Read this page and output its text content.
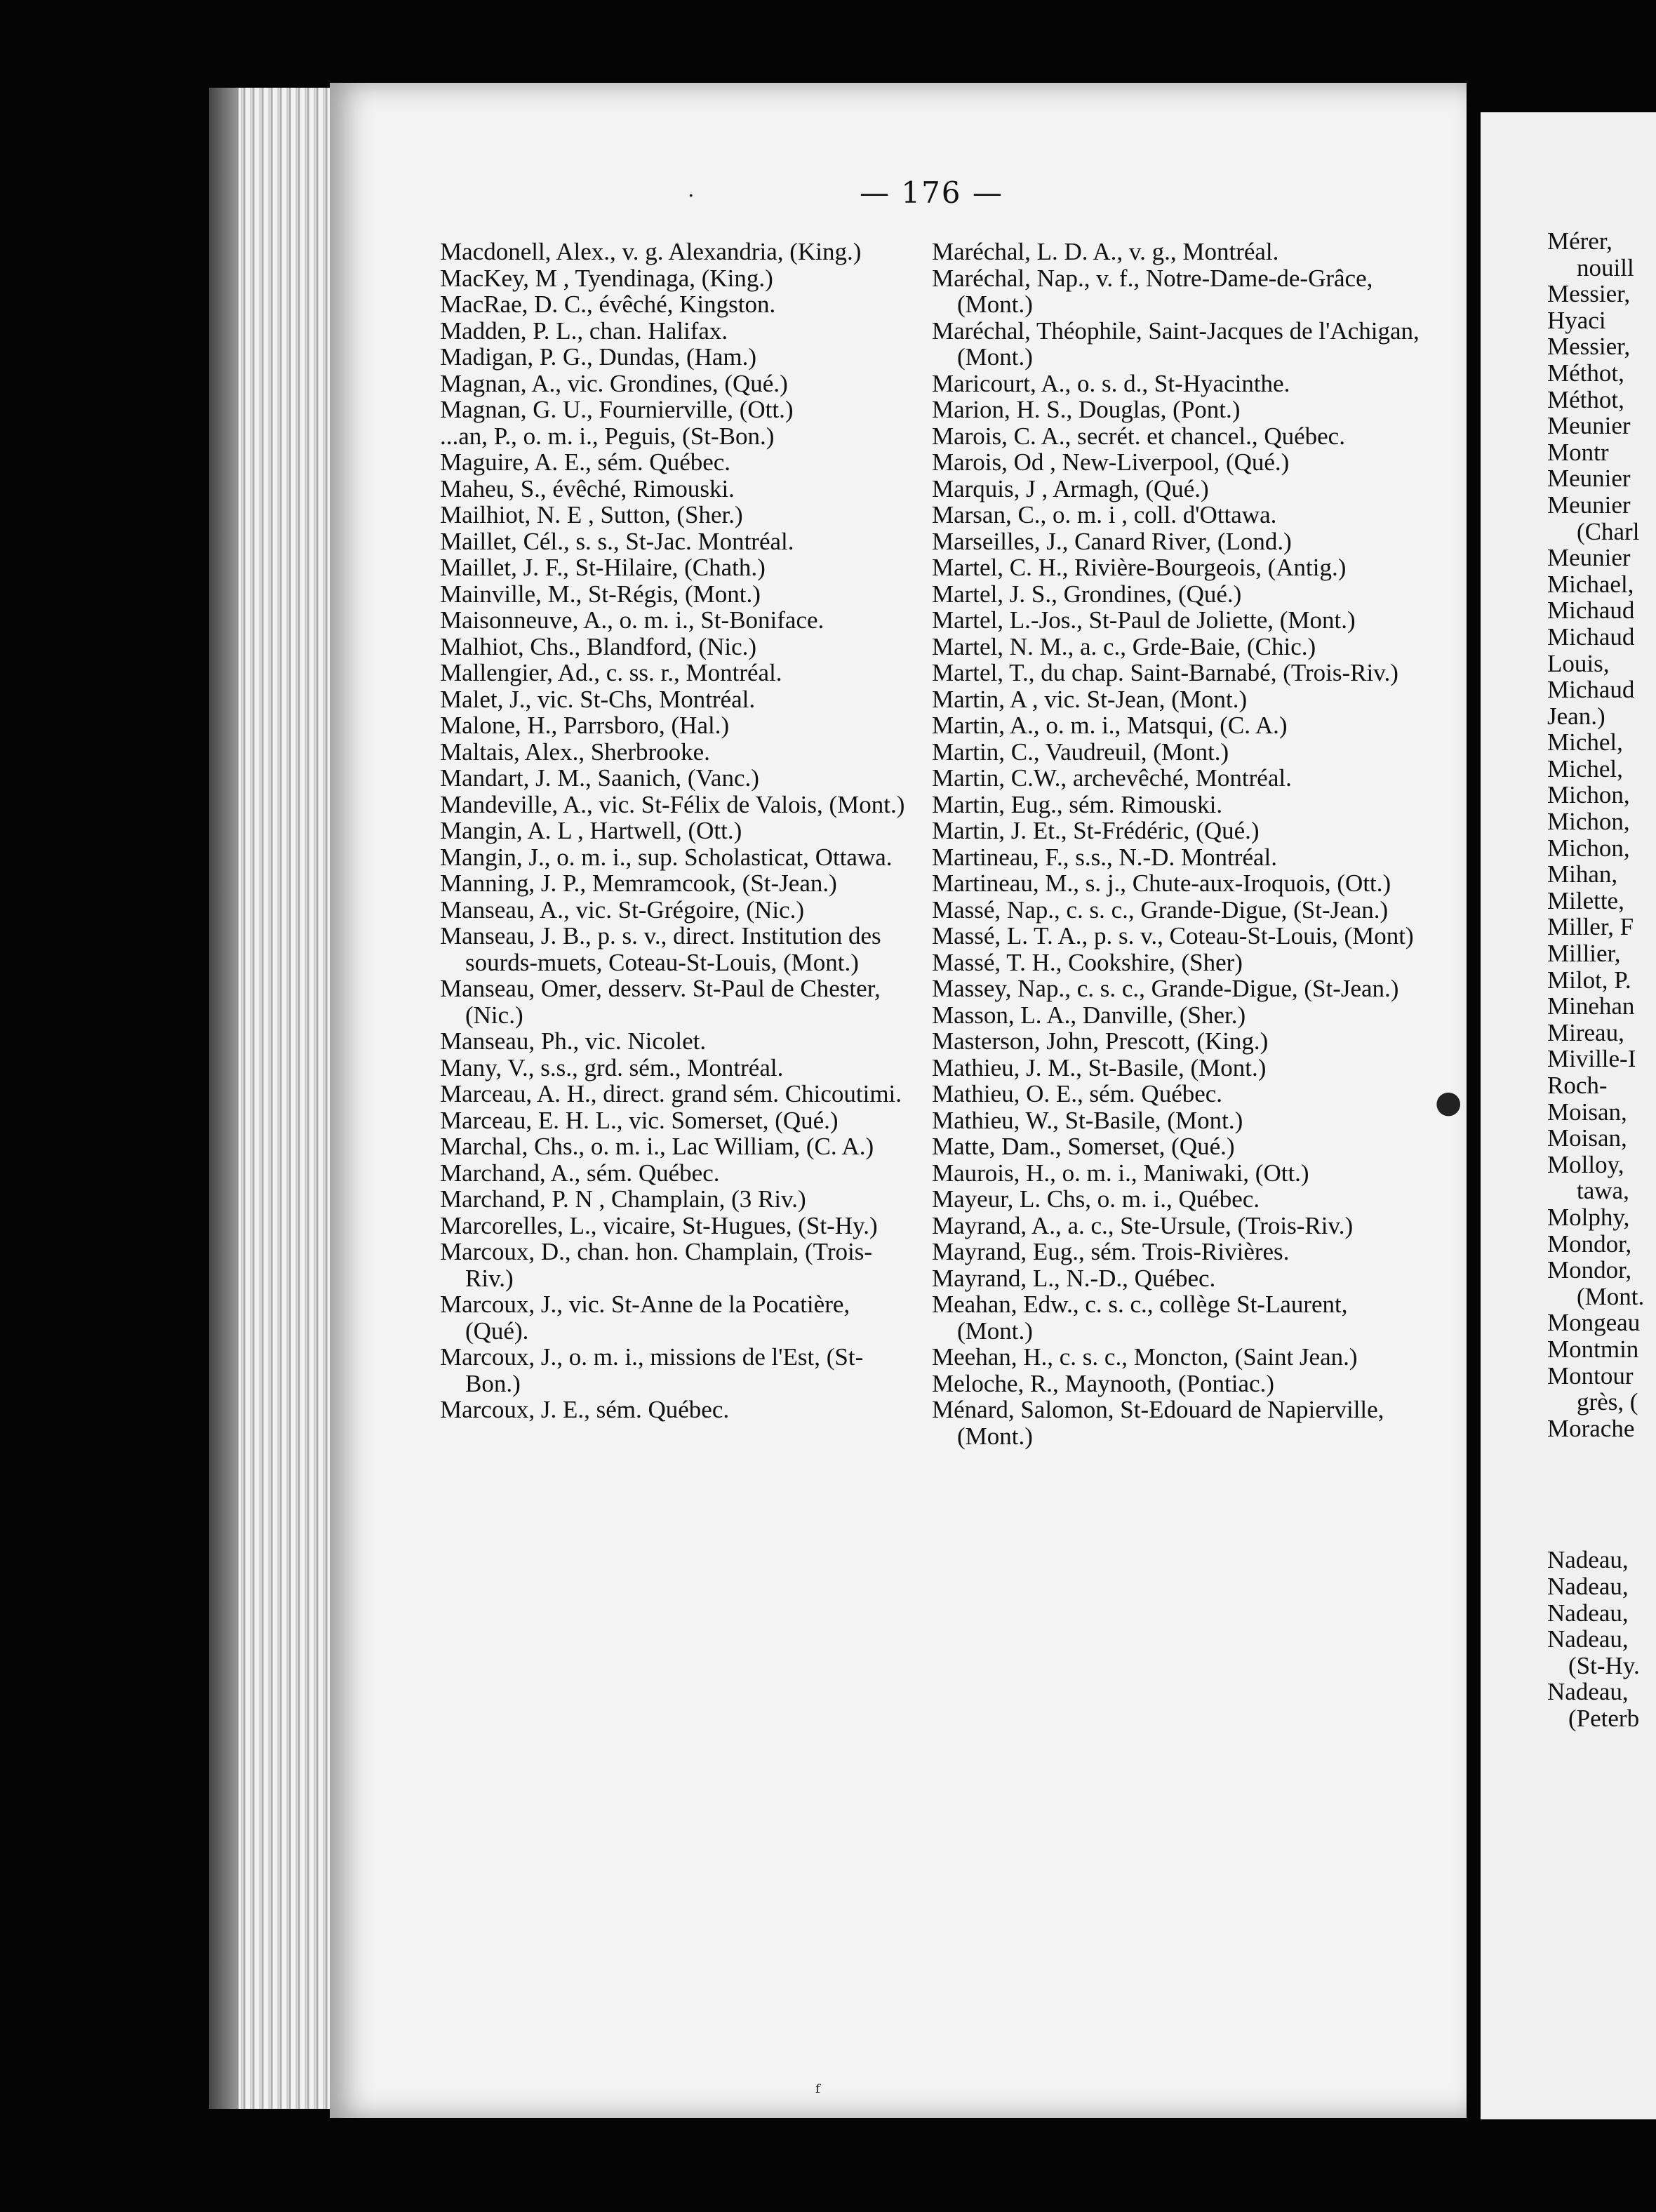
— 176 —

Macdonell, Alex., v. g. Alexandria, (King.)

MacKey, M , Tyendinaga, (King.)

MacRae, D. C., évêché, Kingston.

Madden, P. L., chan. Halifax.

Madigan, P. G., Dundas, (Ham.)

Magnan, A., vic. Grondines, (Qué.)

Magnan, G. U., Fournierville, (Ott.)

...an, P., o. m. i., Peguis, (St-Bon.)

Maguire, A. E., sém. Québec.

Maheu, S., évêché, Rimouski.

Mailhiot, N. E , Sutton, (Sher.)

Maillet, Cél., s. s., St-Jac. Montréal.

Maillet, J. F., St-Hilaire, (Chath.)

Mainville, M., St-Régis, (Mont.)

Maisonneuve, A., o. m. i., St-Boniface.

Malhiot, Chs., Blandford, (Nic.)

Mallengier, Ad., c. ss. r., Montréal.

Malet, J., vic. St-Chs, Montréal.

Malone, H., Parrsboro, (Hal.)

Maltais, Alex., Sherbrooke.

Mandart, J. M., Saanich, (Vanc.)

Mandeville, A., vic. St-Félix de Valois, (Mont.)

Mangin, A. L , Hartwell, (Ott.)

Mangin, J., o. m. i., sup. Scholasticat, Ottawa.

Manning, J. P., Memramcook, (St-Jean.)

Manseau, A., vic. St-Grégoire, (Nic.)

Manseau, J. B., p. s. v., direct. Institution des sourds-muets, Coteau-St-Louis, (Mont.)

Manseau, Omer, desserv. St-Paul de Chester, (Nic.)

Manseau, Ph., vic. Nicolet.

Many, V., s.s., grd. sém., Montréal.

Marceau, A. H., direct. grand sém. Chicoutimi.

Marceau, E. H. L., vic. Somerset, (Qué.)

Marchal, Chs., o. m. i., Lac William, (C. A.)

Marchand, A., sém. Québec.

Marchand, P. N , Champlain, (3 Riv.)

Marcorelles, L., vicaire, St-Hugues, (St-Hy.)

Marcoux, D., chan. hon. Champlain, (Trois-Riv.)

Marcoux, J., vic. St-Anne de la Pocatière, (Qué).

Marcoux, J., o. m. i., missions de l'Est, (St-Bon.)

Marcoux, J. E., sém. Québec.

Maréchal, L. D. A., v. g., Montréal.

Maréchal, Nap., v. f., Notre-Dame-de-Grâce, (Mont.)

Maréchal, Théophile, Saint-Jacques de l'Achigan, (Mont.)

Maricourt, A., o. s. d., St-Hyacinthe.

Marion, H. S., Douglas, (Pont.)

Marois, C. A., secrét. et chancel., Québec.

Marois, Od , New-Liverpool, (Qué.)

Marquis, J , Armagh, (Qué.)

Marsan, C., o. m. i , coll. d'Ottawa.

Marseilles, J., Canard River, (Lond.)

Martel, C. H., Rivière-Bourgeois, (Antig.)

Martel, J. S., Grondines, (Qué.)

Martel, L.-Jos., St-Paul de Joliette, (Mont.)

Martel, N. M., a. c., Grde-Baie, (Chic.)

Martel, T., du chap. Saint-Barnabé, (Trois-Riv.)

Martin, A , vic. St-Jean, (Mont.)

Martin, A., o. m. i., Matsqui, (C. A.)

Martin, C., Vaudreuil, (Mont.)

Martin, C.W., archevêché, Montréal.

Martin, Eug., sém. Rimouski.

Martin, J. Et., St-Frédéric, (Qué.)

Martineau, F., s.s., N.-D. Montréal.

Martineau, M., s. j., Chute-aux-Iroquois, (Ott.)

Massé, Nap., c. s. c., Grande-Digue, (St-Jean.)

Massé, L. T. A., p. s. v., Coteau-St-Louis, (Mont)

Massé, T. H., Cookshire, (Sher)

Massey, Nap., c. s. c., Grande-Digue, (St-Jean.)

Masson, L. A., Danville, (Sher.)

Masterson, John, Prescott, (King.)

Mathieu, J. M., St-Basile, (Mont.)

Mathieu, O. E., sém. Québec.

Mathieu, W., St-Basile, (Mont.)

Matte, Dam., Somerset, (Qué.)

Maurois, H., o. m. i., Maniwaki, (Ott.)

Mayeur, L. Chs, o. m. i., Québec.

Mayrand, A., a. c., Ste-Ursule, (Trois-Riv.)

Mayrand, Eug., sém. Trois-Rivières.

Mayrand, L., N.-D., Québec.

Meahan, Edw., c. s. c., collège St-Laurent, (Mont.)

Meehan, H., c. s. c., Moncton, (Saint Jean.)

Meloche, R., Maynooth, (Pontiac.)

Ménard, Salomon, St-Edouard de Napierville, (Mont.)

Mérer,
nouill
Messier,
Hyaci
Messier,
Méthot,
Méthot,
Meunier
Montr
Meunier
Meunier
(Charl
Meunier
Michael,
Michaud
Michaud
Louis,
Michaud
Jean.)
Michel,
Michel,
Michon,
Michon,
Michon,
Mihan,
Milette,
Miller, F
Millier,
Milot, P.
Minehan
Mireau,
Miville-I
Roch-
Moisan,
Moisan,
Molloy,
tawa,
Molphy,
Mondor,
Mondor,
(Mont.
Mongeau
Montmin
Montour
grès, (
Morache
Nadeau,
Nadeau,
Nadeau,
Nadeau,
(St-Hy.
Nadeau,
(Peterb
·
ᶠ
●
